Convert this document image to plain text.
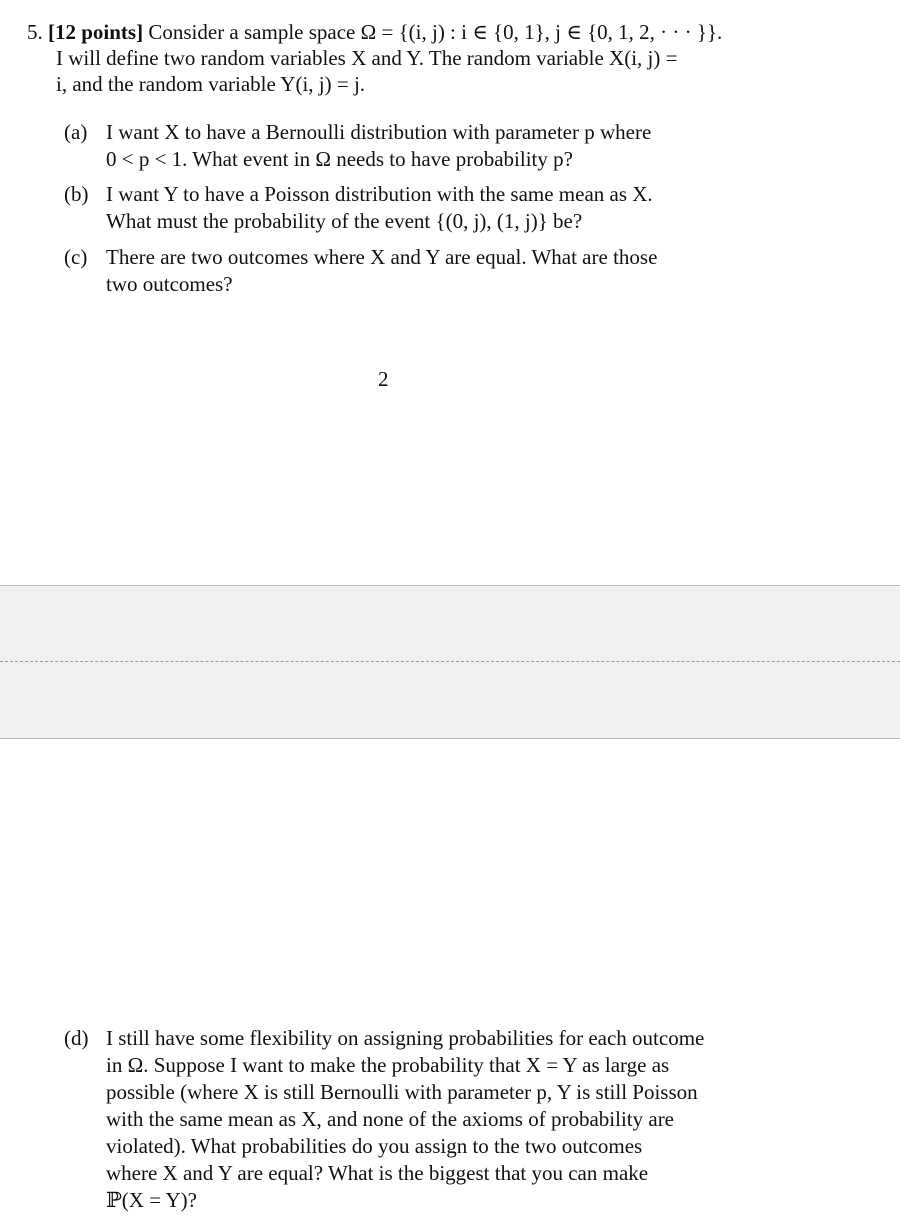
5. [12 points] Consider a sample space Ω = {(i, j) : i ∈ {0, 1}, j ∈ {0, 1, 2, · · · }}.
I will define two random variables X and Y. The random variable X(i, j) =
i, and the random variable Y(i, j) = j.
(a) I want X to have a Bernoulli distribution with parameter p where
0 < p < 1. What event in Ω needs to have probability p?
(b) I want Y to have a Poisson distribution with the same mean as X.
What must the probability of the event {(0, j), (1, j)} be?
(c) There are two outcomes where X and Y are equal. What are those
two outcomes?
2
(d) I still have some flexibility on assigning probabilities for each outcome
in Ω. Suppose I want to make the probability that X = Y as large as
possible (where X is still Bernoulli with parameter p, Y is still Poisson
with the same mean as X, and none of the axioms of probability are
violated). What probabilities do you assign to the two outcomes
where X and Y are equal? What is the biggest that you can make
ℙ(X = Y)?
